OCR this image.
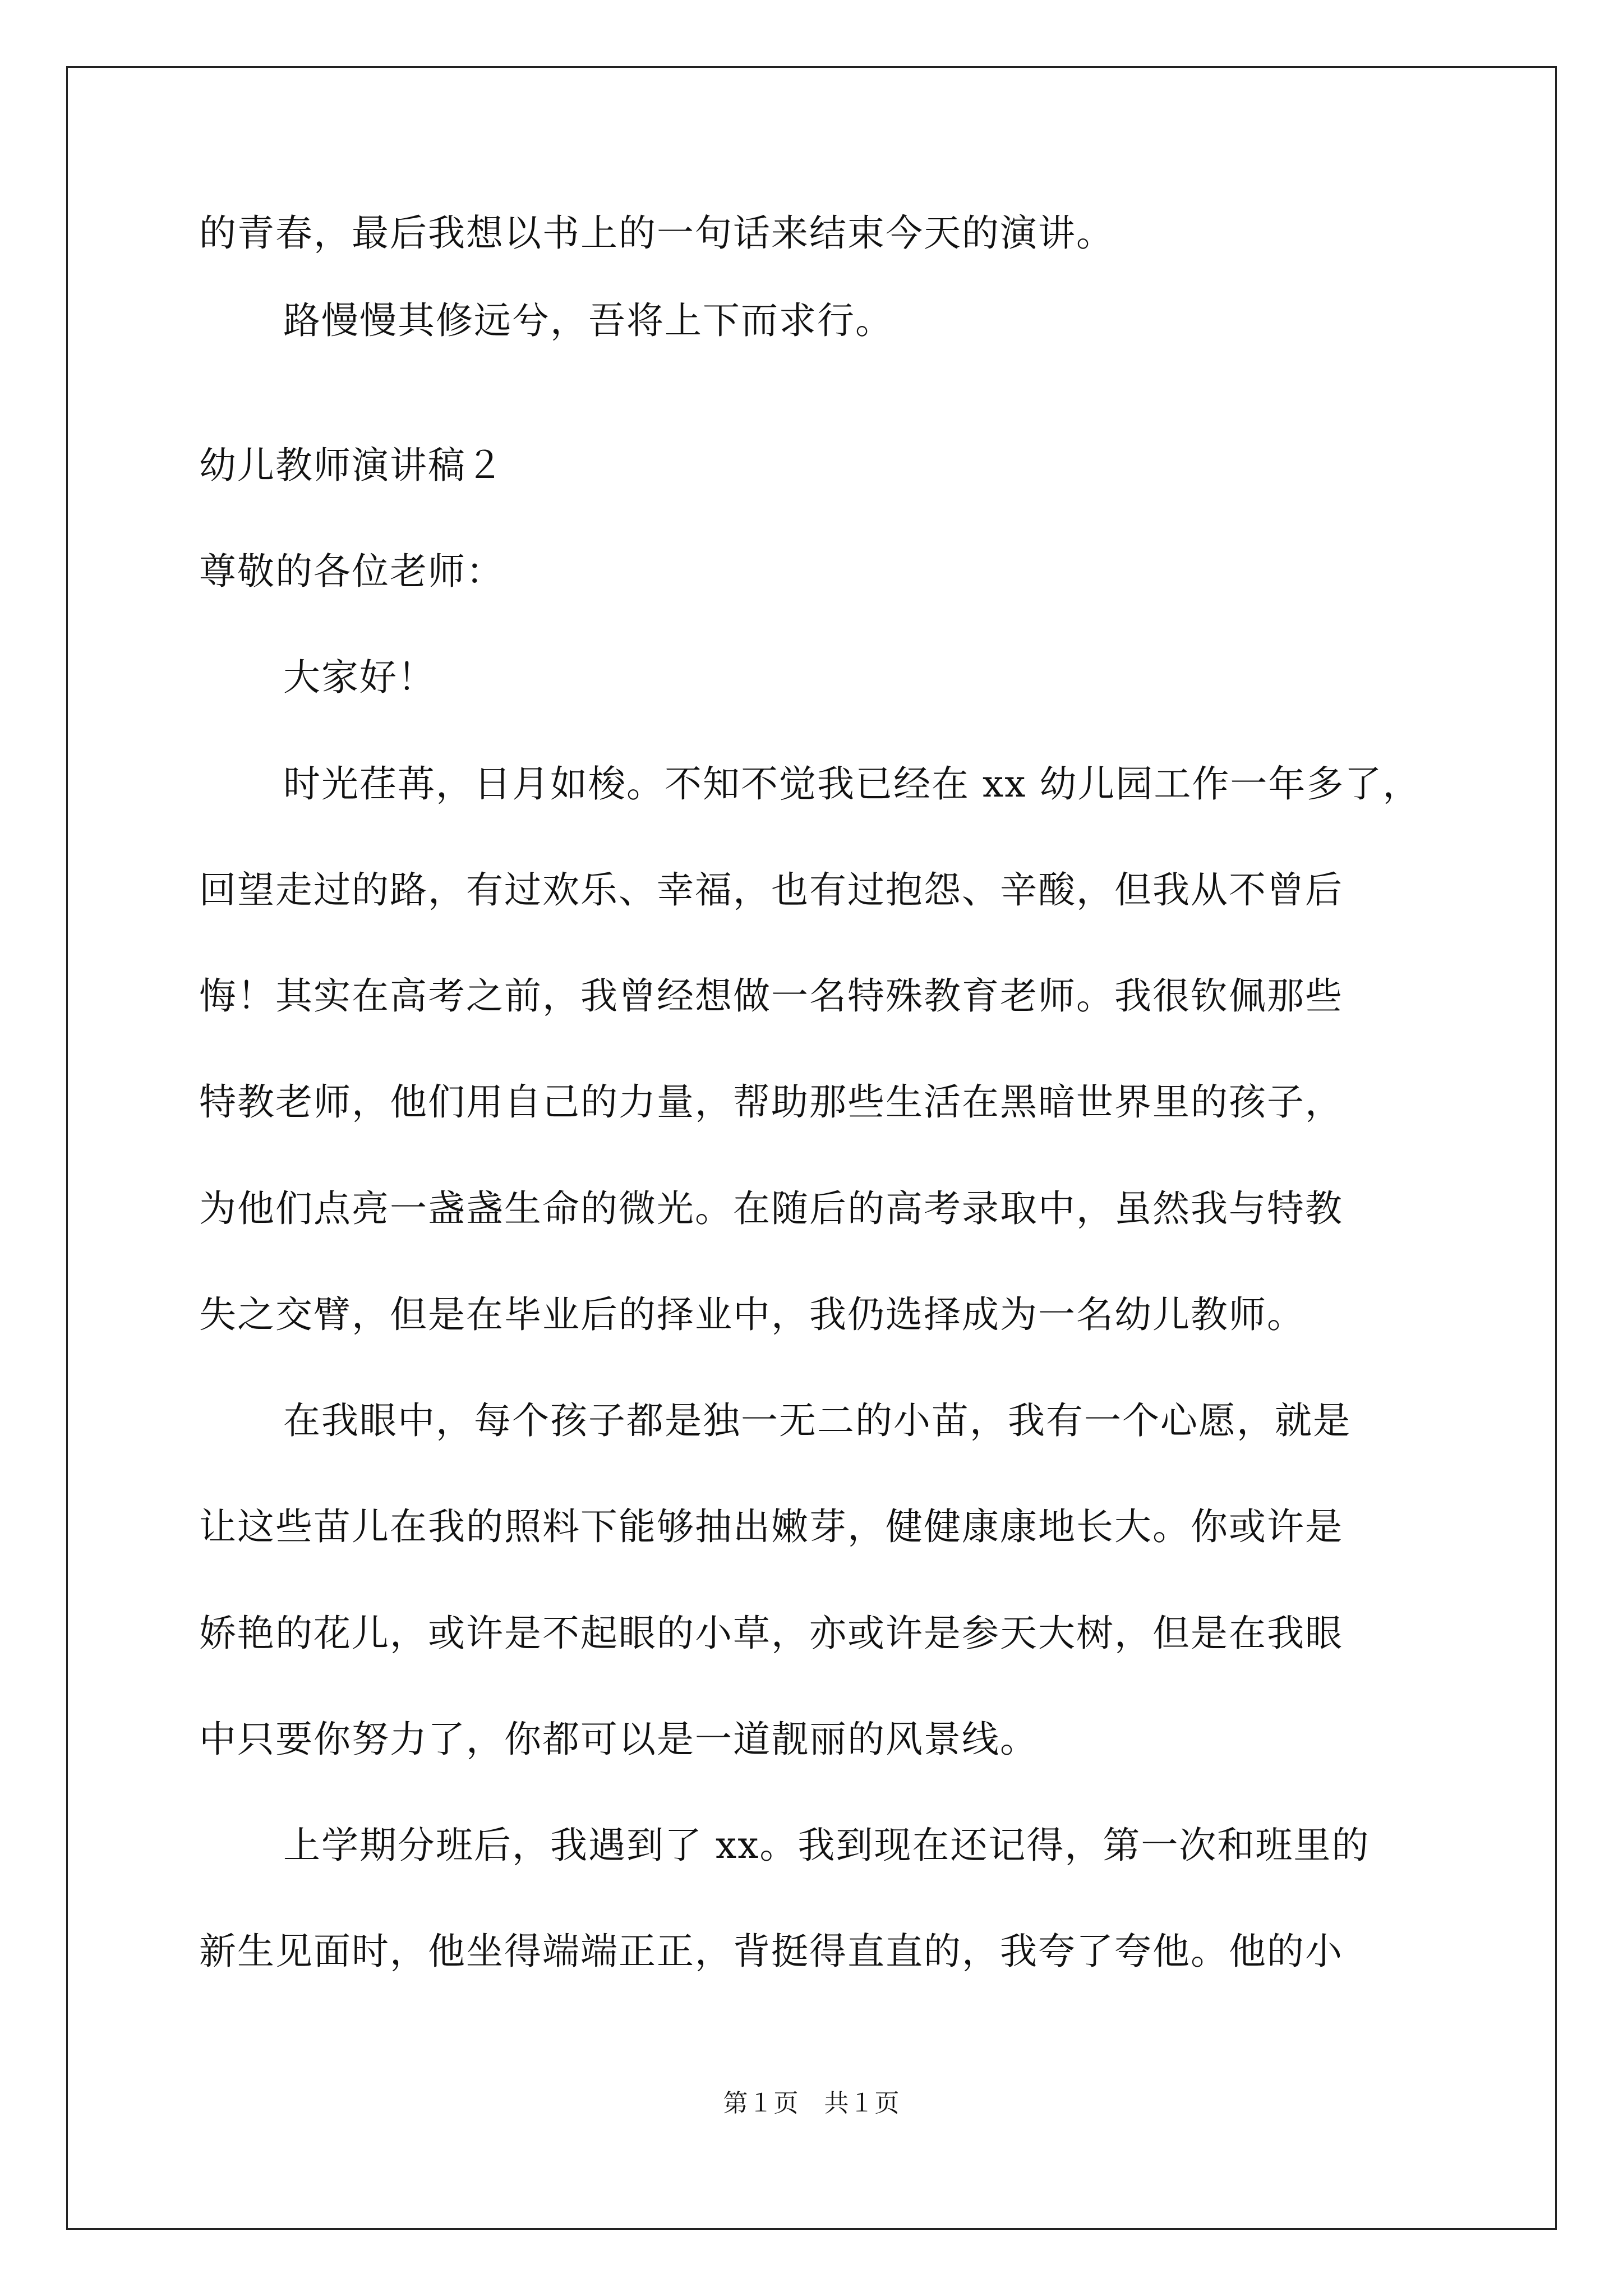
的青春，最后我想以书上的一句话来结束今天的演讲。

路慢慢其修远兮，吾将上下而求行。

幼儿教师演讲稿２

尊敬的各位老师：

大家好！

时光荏苒，日月如梭。不知不觉我已经在 xx 幼儿园工作一年多了，

回望走过的路，有过欢乐、幸福，也有过抱怨、辛酸，但我从不曾后

悔！其实在高考之前，我曾经想做一名特殊教育老师。我很钦佩那些

特教老师，他们用自己的力量，帮助那些生活在黑暗世界里的孩子，

为他们点亮一盏盏生命的微光。在随后的高考录取中，虽然我与特教

失之交臂，但是在毕业后的择业中，我仍选择成为一名幼儿教师。

在我眼中，每个孩子都是独一无二的小苗，我有一个心愿，就是

让这些苗儿在我的照料下能够抽出嫩芽，健健康康地长大。你或许是

娇艳的花儿，或许是不起眼的小草，亦或许是参天大树，但是在我眼

中只要你努力了，你都可以是一道靓丽的风景线。

上学期分班后，我遇到了 xx。我到现在还记得，第一次和班里的

新生见面时，他坐得端端正正，背挺得直直的，我夸了夸他。他的小

第１页　共１页
